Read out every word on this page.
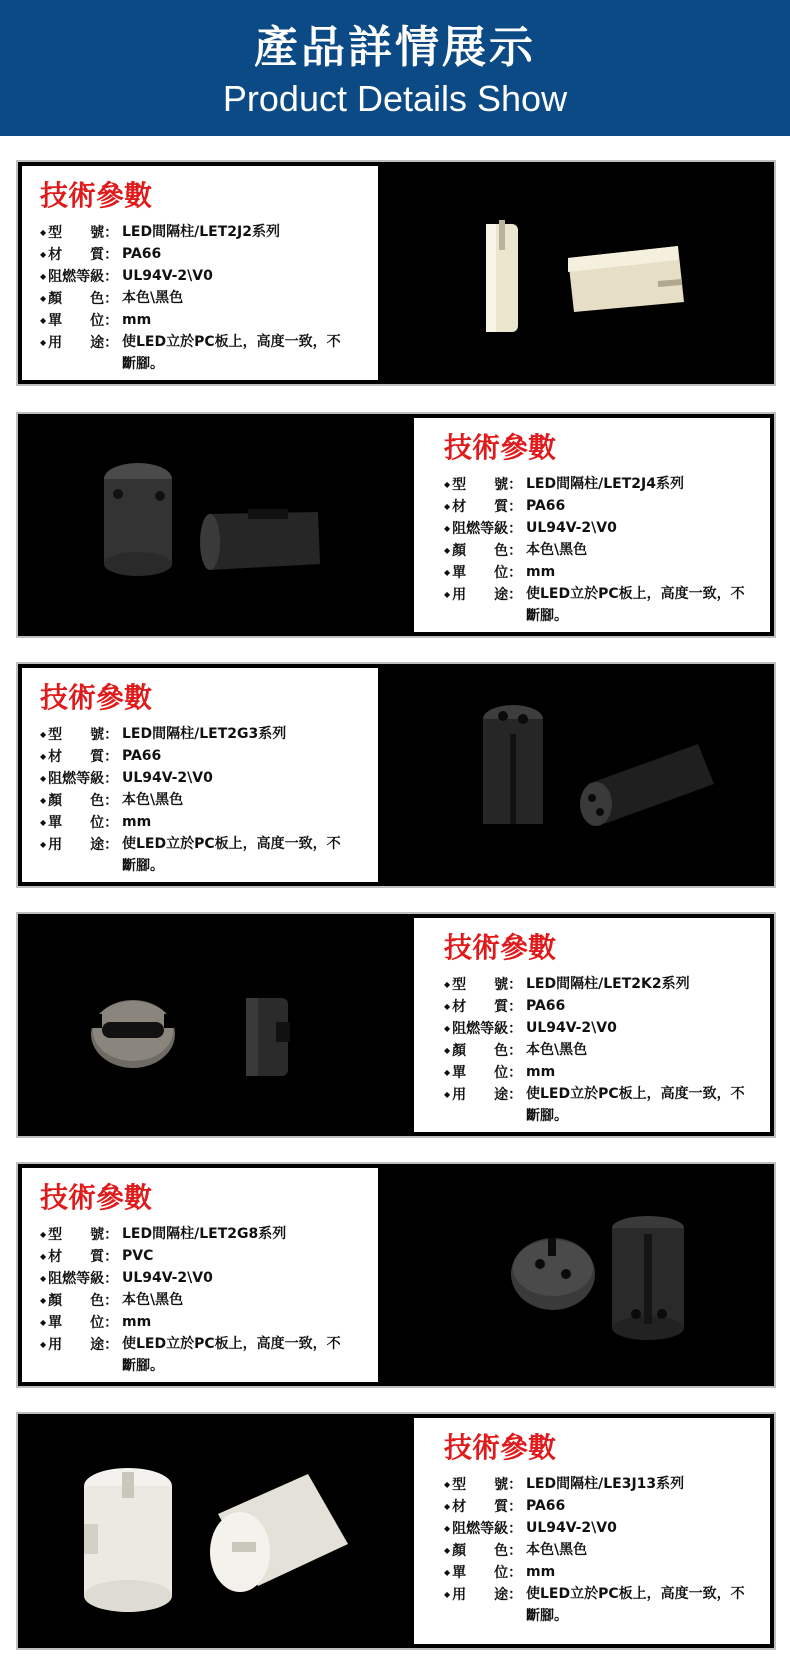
產品詳情展示
Product Details Show
技術參數
◆ 型　　號： LED間隔柱/LET2J2系列
◆ 材　　質： PA66
◆ 阻燃等級： UL94V-2\V0
◆ 顏　　色： 本色\黑色
◆ 單　　位： mm
◆ 用　　途： 使LED立於PC板上，高度一致，不
斷腳。
技術參數
◆ 型　　號： LED間隔柱/LET2J4系列
◆ 材　　質： PA66
◆ 阻燃等級： UL94V-2\V0
◆ 顏　　色： 本色\黑色
◆ 單　　位： mm
◆ 用　　途： 使LED立於PC板上，高度一致，不
斷腳。
技術參數
◆ 型　　號： LED間隔柱/LET2G3系列
◆ 材　　質： PA66
◆ 阻燃等級： UL94V-2\V0
◆ 顏　　色： 本色\黑色
◆ 單　　位： mm
◆ 用　　途： 使LED立於PC板上，高度一致，不
斷腳。
技術參數
◆ 型　　號： LED間隔柱/LET2K2系列
◆ 材　　質： PA66
◆ 阻燃等級： UL94V-2\V0
◆ 顏　　色： 本色\黑色
◆ 單　　位： mm
◆ 用　　途： 使LED立於PC板上，高度一致，不
斷腳。
技術參數
◆ 型　　號： LED間隔柱/LET2G8系列
◆ 材　　質： PVC
◆ 阻燃等級： UL94V-2\V0
◆ 顏　　色： 本色\黑色
◆ 單　　位： mm
◆ 用　　途： 使LED立於PC板上，高度一致，不
斷腳。
技術參數
◆ 型　　號： LED間隔柱/LE3J13系列
◆ 材　　質： PA66
◆ 阻燃等級： UL94V-2\V0
◆ 顏　　色： 本色\黑色
◆ 單　　位： mm
◆ 用　　途： 使LED立於PC板上，高度一致，不
斷腳。
